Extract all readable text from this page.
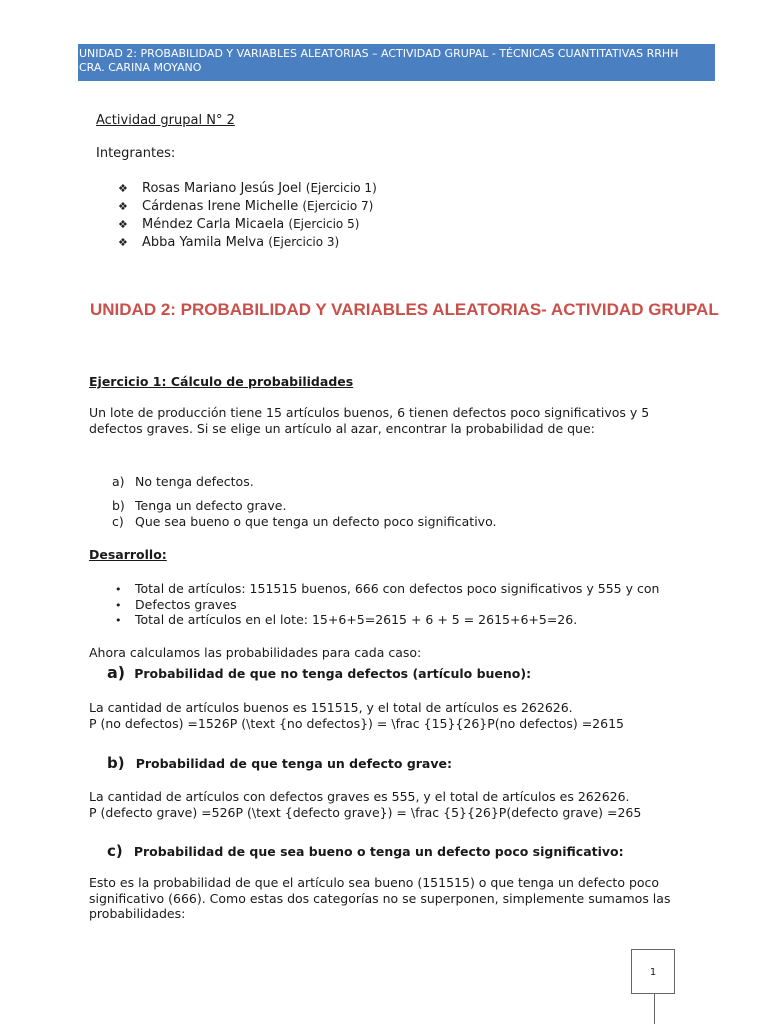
UNIDAD 2: PROBABILIDAD Y VARIABLES ALEATORIAS – ACTIVIDAD GRUPAL - TÉCNICAS CUANTITATIVAS RRHH
CRA. CARINA MOYANO
Actividad grupal N° 2
Integrantes:
❖ Rosas Mariano Jesús Joel (Ejercicio 1)
❖ Cárdenas Irene Michelle (Ejercicio 7)
❖ Méndez Carla Micaela (Ejercicio 5)
❖ Abba Yamila Melva (Ejercicio 3)
UNIDAD 2: PROBABILIDAD Y VARIABLES ALEATORIAS- ACTIVIDAD GRUPAL
Ejercicio 1: Cálculo de probabilidades
Un lote de producción tiene 15 artículos buenos, 6 tienen defectos poco significativos y 5
defectos graves. Si se elige un artículo al azar, encontrar la probabilidad de que:
a) No tenga defectos.
b) Tenga un defecto grave.
c) Que sea bueno o que tenga un defecto poco significativo.
Desarrollo:
• Total de artículos: 151515 buenos, 666 con defectos poco significativos y 555 y con
• Defectos graves
• Total de artículos en el lote: 15+6+5=2615 + 6 + 5 = 2615+6+5=26.
Ahora calculamos las probabilidades para cada caso:
a) Probabilidad de que no tenga defectos (artículo bueno):
La cantidad de artículos buenos es 151515, y el total de artículos es 262626.
P (no defectos) =1526P (\text {no defectos}) = \frac {15}{26}P(no defectos) =2615
b) Probabilidad de que tenga un defecto grave:
La cantidad de artículos con defectos graves es 555, y el total de artículos es 262626.
P (defecto grave) =526P (\text {defecto grave}) = \frac {5}{26}P(defecto grave) =265
c) Probabilidad de que sea bueno o tenga un defecto poco significativo:
Esto es la probabilidad de que el artículo sea bueno (151515) o que tenga un defecto poco
significativo (666). Como estas dos categorías no se superponen, simplemente sumamos las
probabilidades:
1
